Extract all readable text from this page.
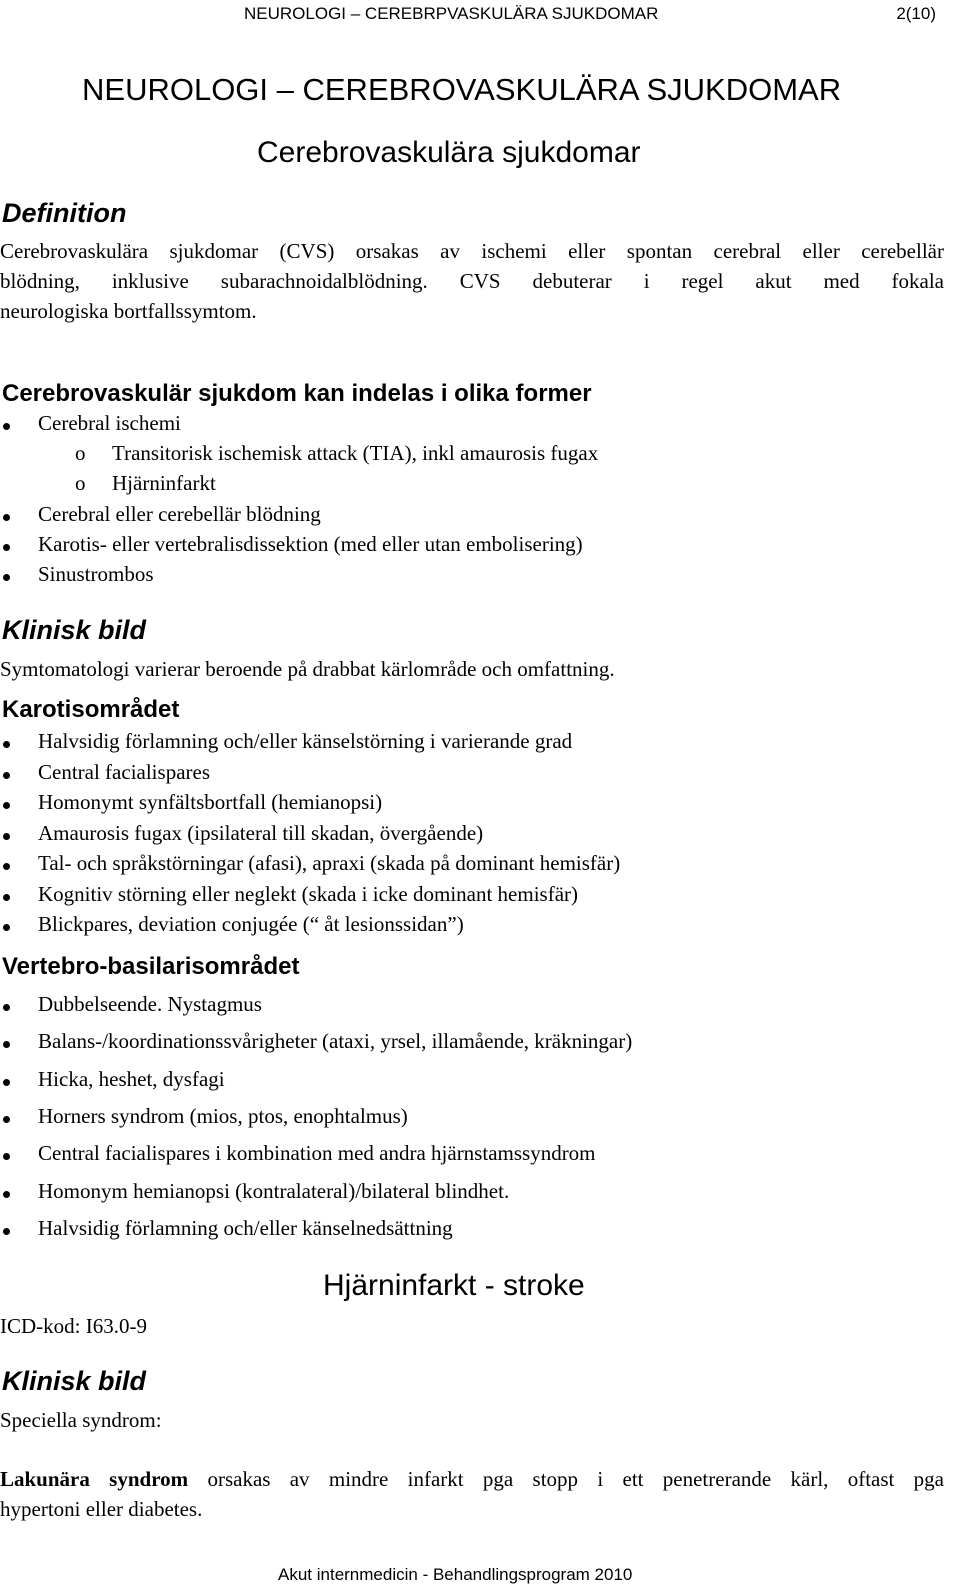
NEUROLOGI – CEREBRPVASKULÄRA SJUKDOMAR	2(10)
NEUROLOGI – CEREBROVASKULÄRA SJUKDOMAR
Cerebrovaskulära sjukdomar
Definition
Cerebrovaskulära sjukdomar (CVS) orsakas av ischemi eller spontan cerebral eller cerebellär
blödning, inklusive subarachnoidalblödning. CVS debuterar i regel akut med fokala
neurologiska bortfallssymtom.
Cerebrovaskulär sjukdom kan indelas i olika former
Cerebral ischemi
o Transitorisk ischemisk attack (TIA), inkl amaurosis fugax
o Hjärninfarkt
Cerebral eller cerebellär blödning
Karotis- eller vertebralisdissektion (med eller utan embolisering)
Sinustrombos
Klinisk bild
Symtomatologi varierar beroende på drabbat kärlområde och omfattning.
Karotisområdet
Halvsidig förlamning och/eller känselstörning i varierande grad
Central facialispares
Homonymt synfältsbortfall (hemianopsi)
Amaurosis fugax (ipsilateral till skadan, övergående)
Tal- och språkstörningar (afasi), apraxi (skada på dominant hemisfär)
Kognitiv störning eller neglekt (skada i icke dominant hemisfär)
Blickpares, deviation conjugée (“ åt lesionssidan”)
Vertebro-basilarisområdet
Dubbelseende. Nystagmus
Balans-/koordinationssvårigheter (ataxi, yrsel, illamående, kräkningar)
Hicka, heshet, dysfagi
Horners syndrom (mios, ptos, enophtalmus)
Central facialispares i kombination med andra hjärnstamssyndrom
Homonym hemianopsi (kontralateral)/bilateral blindhet.
Halvsidig förlamning och/eller känselnedsättning
Hjärninfarkt - stroke
ICD-kod: I63.0-9
Klinisk bild
Speciella syndrom:
Lakunära syndrom orsakas av mindre infarkt pga stopp i ett penetrerande kärl, oftast pga
hypertoni eller diabetes.
Akut internmedicin - Behandlingsprogram 2010
